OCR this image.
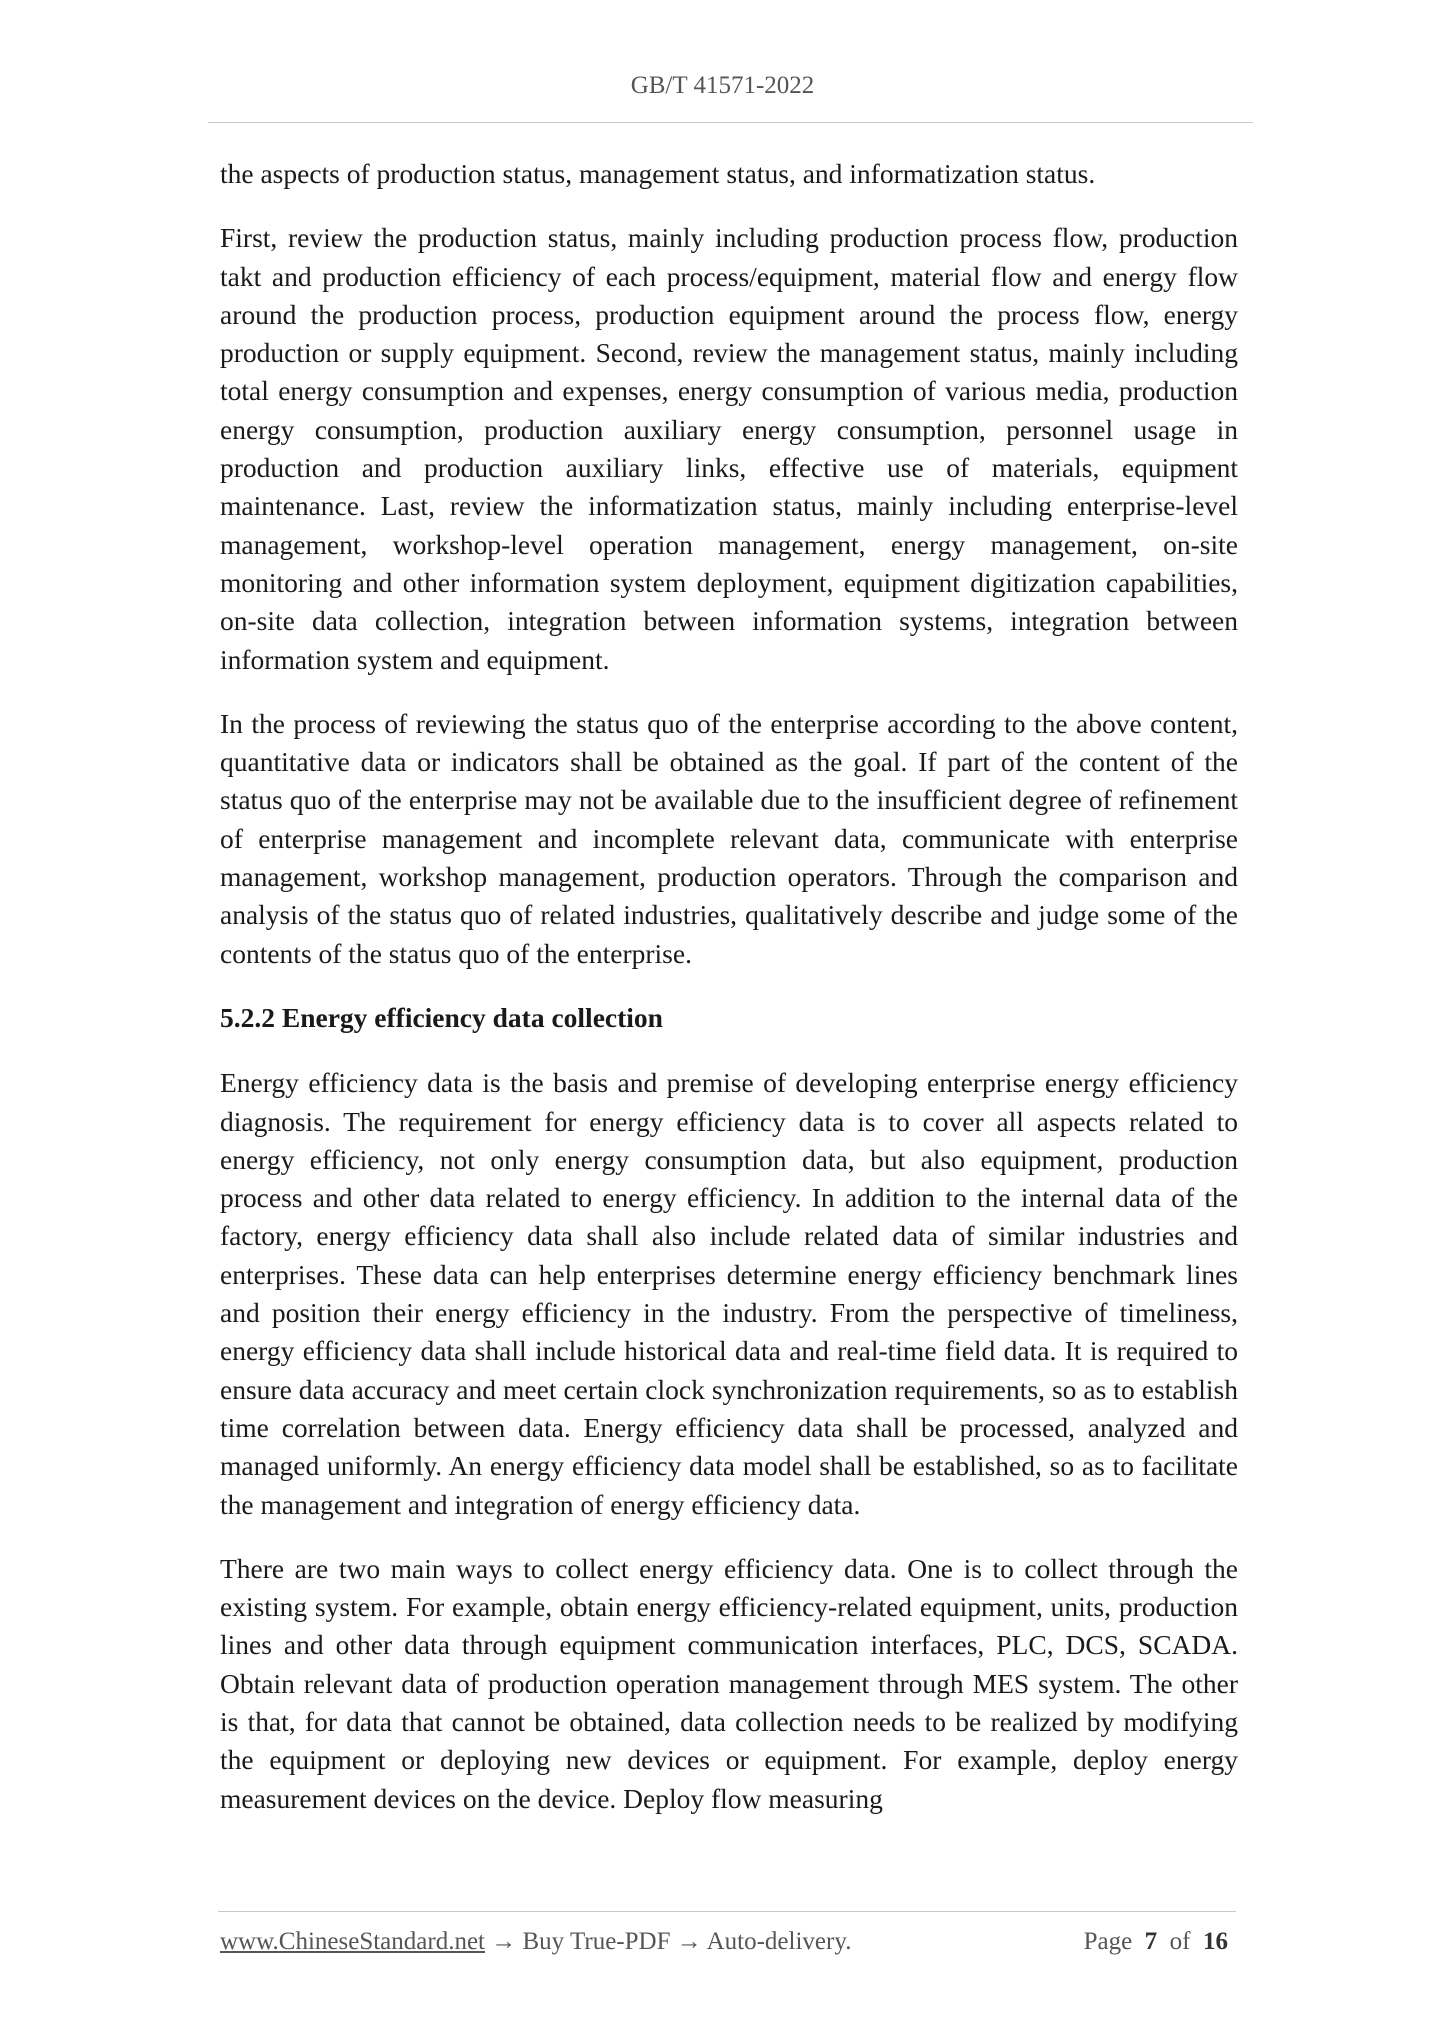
GB/T 41571-2022

the aspects of production status, management status, and informatization status.

First, review the production status, mainly including production process flow, production takt and production efficiency of each process/equipment, material flow and energy flow around the production process, production equipment around the process flow, energy production or supply equipment. Second, review the management status, mainly including total energy consumption and expenses, energy consumption of various media, production energy consumption, production auxiliary energy consumption, personnel usage in production and production auxiliary links, effective use of materials, equipment maintenance. Last, review the informatization status, mainly including enterprise-level management, workshop-level operation management, energy management, on-site monitoring and other information system deployment, equipment digitization capabilities, on-site data collection, integration between information systems, integration between information system and equipment.

In the process of reviewing the status quo of the enterprise according to the above content, quantitative data or indicators shall be obtained as the goal. If part of the content of the status quo of the enterprise may not be available due to the insufficient degree of refinement of enterprise management and incomplete relevant data, communicate with enterprise management, workshop management, production operators. Through the comparison and analysis of the status quo of related industries, qualitatively describe and judge some of the contents of the status quo of the enterprise.

5.2.2 Energy efficiency data collection

Energy efficiency data is the basis and premise of developing enterprise energy efficiency diagnosis. The requirement for energy efficiency data is to cover all aspects related to energy efficiency, not only energy consumption data, but also equipment, production process and other data related to energy efficiency. In addition to the internal data of the factory, energy efficiency data shall also include related data of similar industries and enterprises. These data can help enterprises determine energy efficiency benchmark lines and position their energy efficiency in the industry. From the perspective of timeliness, energy efficiency data shall include historical data and real-time field data. It is required to ensure data accuracy and meet certain clock synchronization requirements, so as to establish time correlation between data. Energy efficiency data shall be processed, analyzed and managed uniformly. An energy efficiency data model shall be established, so as to facilitate the management and integration of energy efficiency data.

There are two main ways to collect energy efficiency data. One is to collect through the existing system. For example, obtain energy efficiency-related equipment, units, production lines and other data through equipment communication interfaces, PLC, DCS, SCADA. Obtain relevant data of production operation management through MES system. The other is that, for data that cannot be obtained, data collection needs to be realized by modifying the equipment or deploying new devices or equipment. For example, deploy energy measurement devices on the device. Deploy flow measuring

www.ChineseStandard.net → Buy True-PDF → Auto-delivery.	Page 7 of 16
